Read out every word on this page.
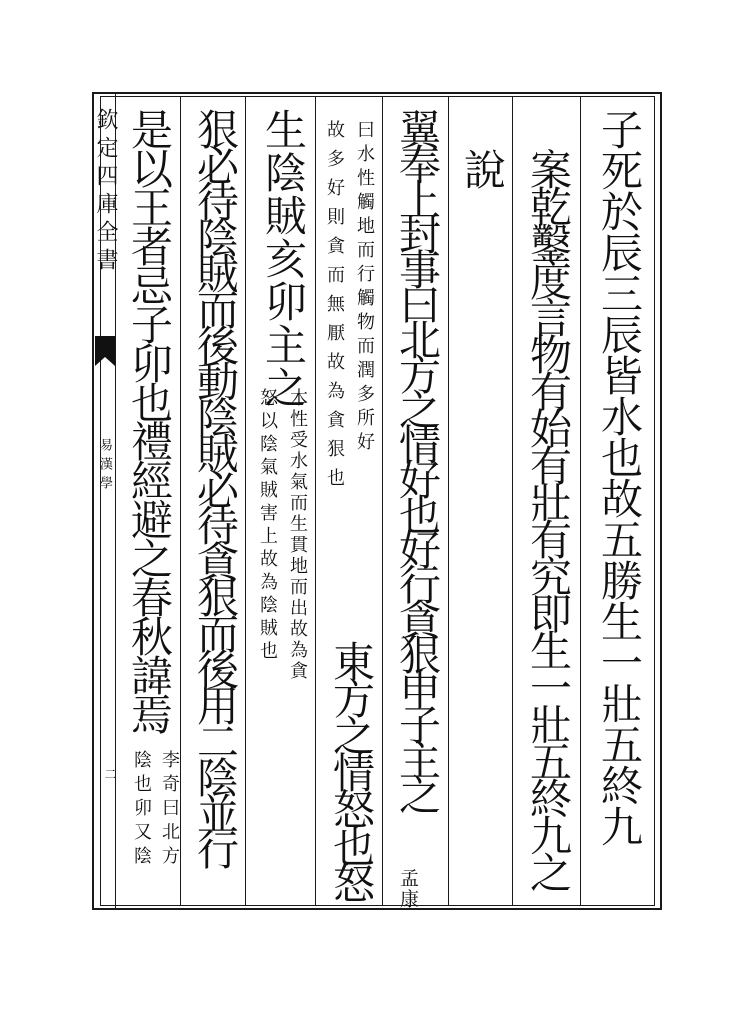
欽定四庫全書
易漢學
二	子死於辰三辰皆水也故五勝生一壯五終九
案乾鑿度言物有始有壯有究即生一壯五終九之
說
翼奉上封事曰北方之情好也好行貪狠申子主之
孟康
曰水性觸地而行觸物而潤多所好
故多好則貪而無厭故為貪狠也
東方之情怒也怒
生陰賊亥卯主之
木性受水氣而生貫地而出故為貪
怒以陰氣賊害上故為陰賊也
狠必待陰賊而後動陰賊必待貪狠而後用二陰並行
是以王者忌子卯也禮經避之春秋諱焉
李奇曰北方
陰也卯又陰
